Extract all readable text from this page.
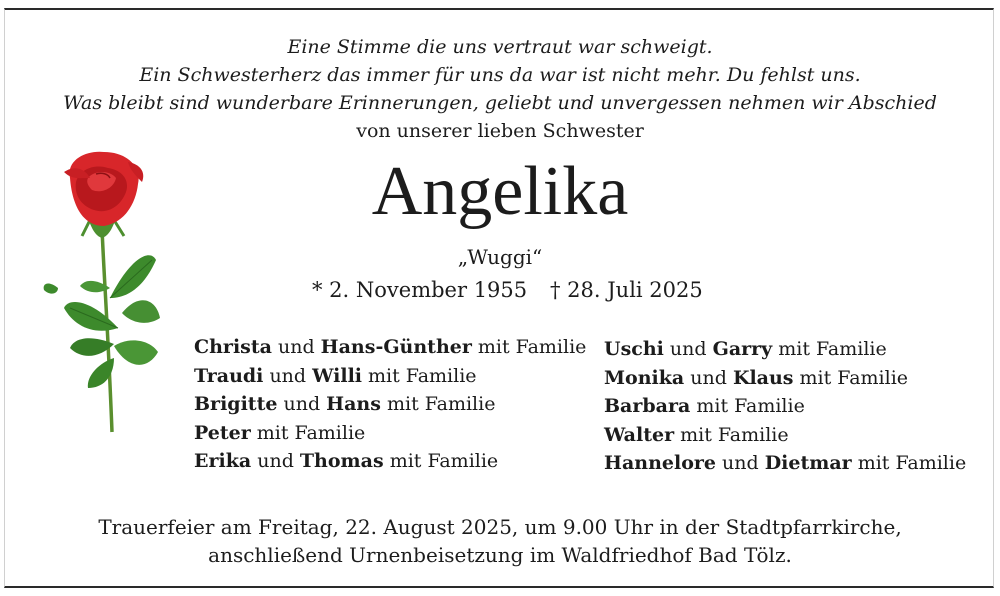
Eine Stimme die uns vertraut war schweigt.
Ein Schwesterherz das immer für uns da war ist nicht mehr. Du fehlst uns.
Was bleibt sind wunderbare Erinnerungen, geliebt und unvergessen nehmen wir Abschied
von unserer lieben Schwester
Angelika
„Wuggi“
* 2. November 1955 † 28. Juli 2025
Christa und Hans-Günther mit Familie
Traudi und Willi mit Familie
Brigitte und Hans mit Familie
Peter mit Familie
Erika und Thomas mit Familie
Uschi und Garry mit Familie
Monika und Klaus mit Familie
Barbara mit Familie
Walter mit Familie
Hannelore und Dietmar mit Familie
Trauerfeier am Freitag, 22. August 2025, um 9.00 Uhr in der Stadtpfarrkirche,
anschließend Urnenbeisetzung im Waldfriedhof Bad Tölz.
